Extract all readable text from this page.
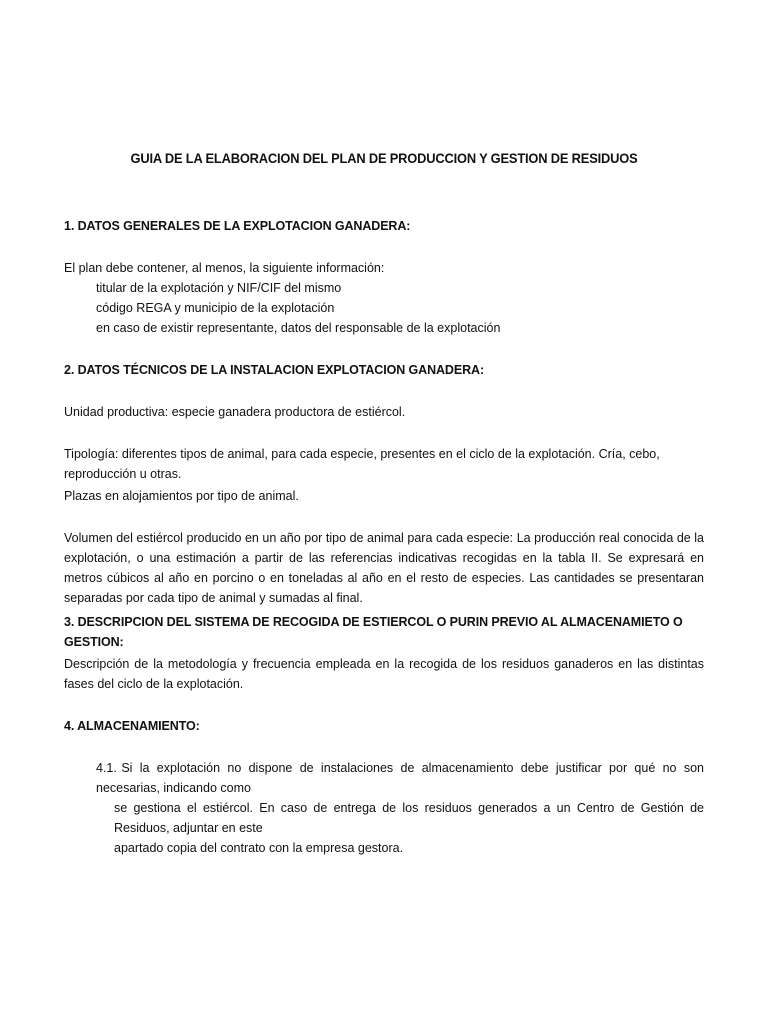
GUIA DE LA ELABORACION DEL PLAN DE PRODUCCION Y GESTION DE RESIDUOS
1. DATOS GENERALES DE LA EXPLOTACION GANADERA:
El plan debe contener, al menos, la siguiente información:
titular de la explotación y NIF/CIF del mismo
código REGA y municipio de la explotación
en caso de existir representante, datos del responsable de la explotación
2. DATOS TÉCNICOS DE LA INSTALACION EXPLOTACION GANADERA:
Unidad productiva: especie ganadera productora de estiércol.
Tipología: diferentes tipos de animal, para cada especie, presentes en el ciclo de la explotación. Cría, cebo, reproducción u otras.
Plazas en alojamientos por tipo de animal.
Volumen del estiércol producido en un año por tipo de animal para cada especie: La producción real conocida de la explotación, o una estimación a partir de las referencias indicativas recogidas en la tabla II. Se expresará en metros cúbicos al año en porcino o en toneladas al año en el resto de especies. Las cantidades se presentaran separadas por cada tipo de animal y sumadas al final.
3. DESCRIPCION DEL SISTEMA DE RECOGIDA DE ESTIERCOL O PURIN PREVIO AL ALMACENAMIETO O GESTION:
Descripción de la metodología y frecuencia empleada en la recogida de los residuos ganaderos en las distintas fases del ciclo de la explotación.
4. ALMACENAMIENTO:
4.1. Si la explotación no dispone de instalaciones de almacenamiento debe justificar por qué no son necesarias, indicando como
se gestiona el estiércol. En caso de entrega de los residuos generados a un Centro de Gestión de Residuos, adjuntar en este
apartado copia del contrato con la empresa gestora.
